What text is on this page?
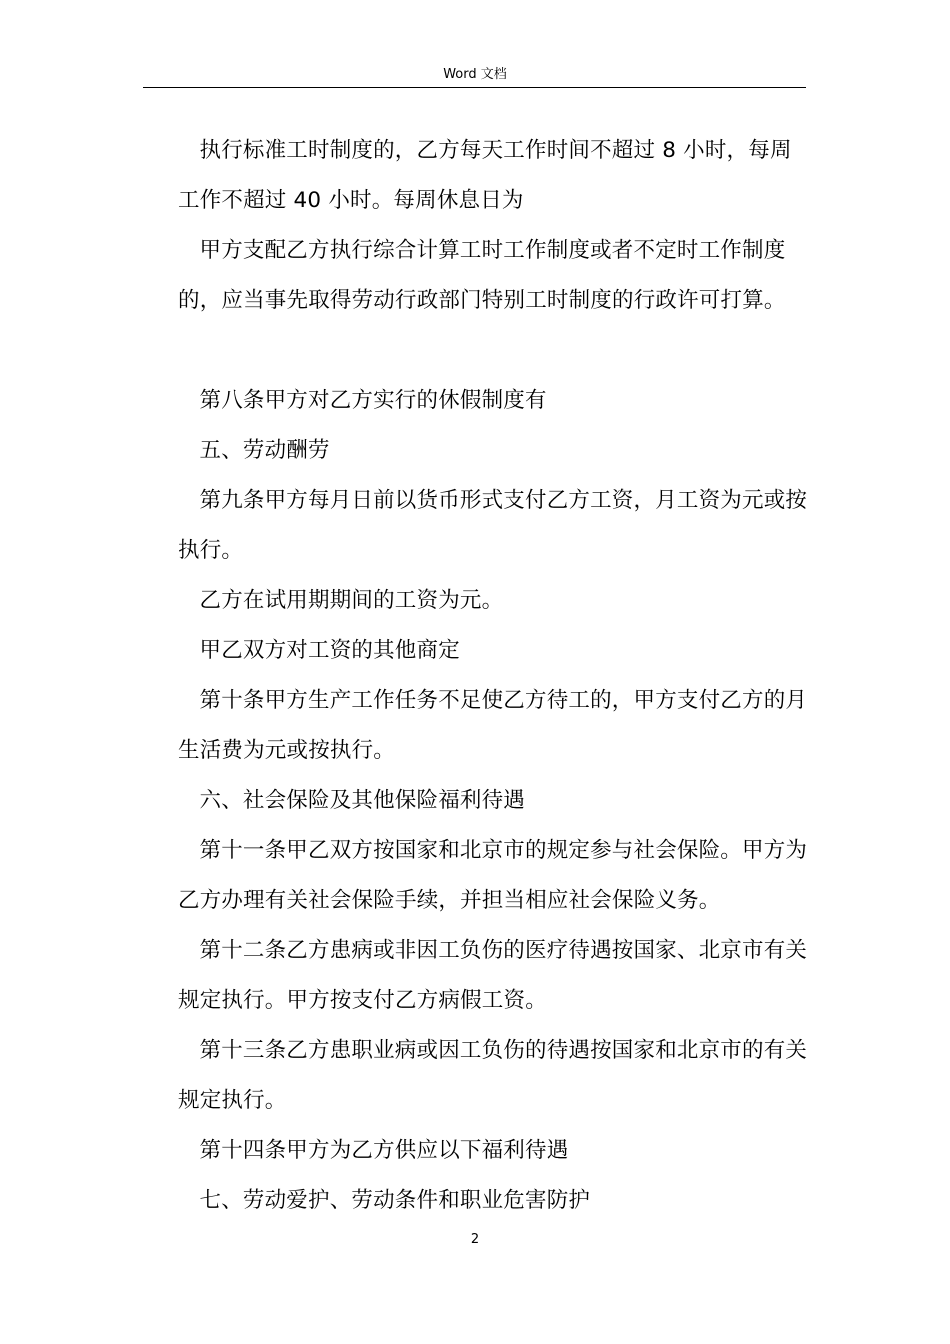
Word 文档

执行标准工时制度的，乙方每天工作时间不超过 8 小时，每周工作不超过 40 小时。每周休息日为

甲方支配乙方执行综合计算工时工作制度或者不定时工作制度的，应当事先取得劳动行政部门特别工时制度的行政许可打算。

第八条甲方对乙方实行的休假制度有

五、劳动酬劳

第九条甲方每月日前以货币形式支付乙方工资，月工资为元或按执行。

乙方在试用期期间的工资为元。

甲乙双方对工资的其他商定

第十条甲方生产工作任务不足使乙方待工的，甲方支付乙方的月生活费为元或按执行。

六、社会保险及其他保险福利待遇

第十一条甲乙双方按国家和北京市的规定参与社会保险。甲方为乙方办理有关社会保险手续，并担当相应社会保险义务。

第十二条乙方患病或非因工负伤的医疗待遇按国家、北京市有关规定执行。甲方按支付乙方病假工资。

第十三条乙方患职业病或因工负伤的待遇按国家和北京市的有关规定执行。

第十四条甲方为乙方供应以下福利待遇

七、劳动爱护、劳动条件和职业危害防护

2
